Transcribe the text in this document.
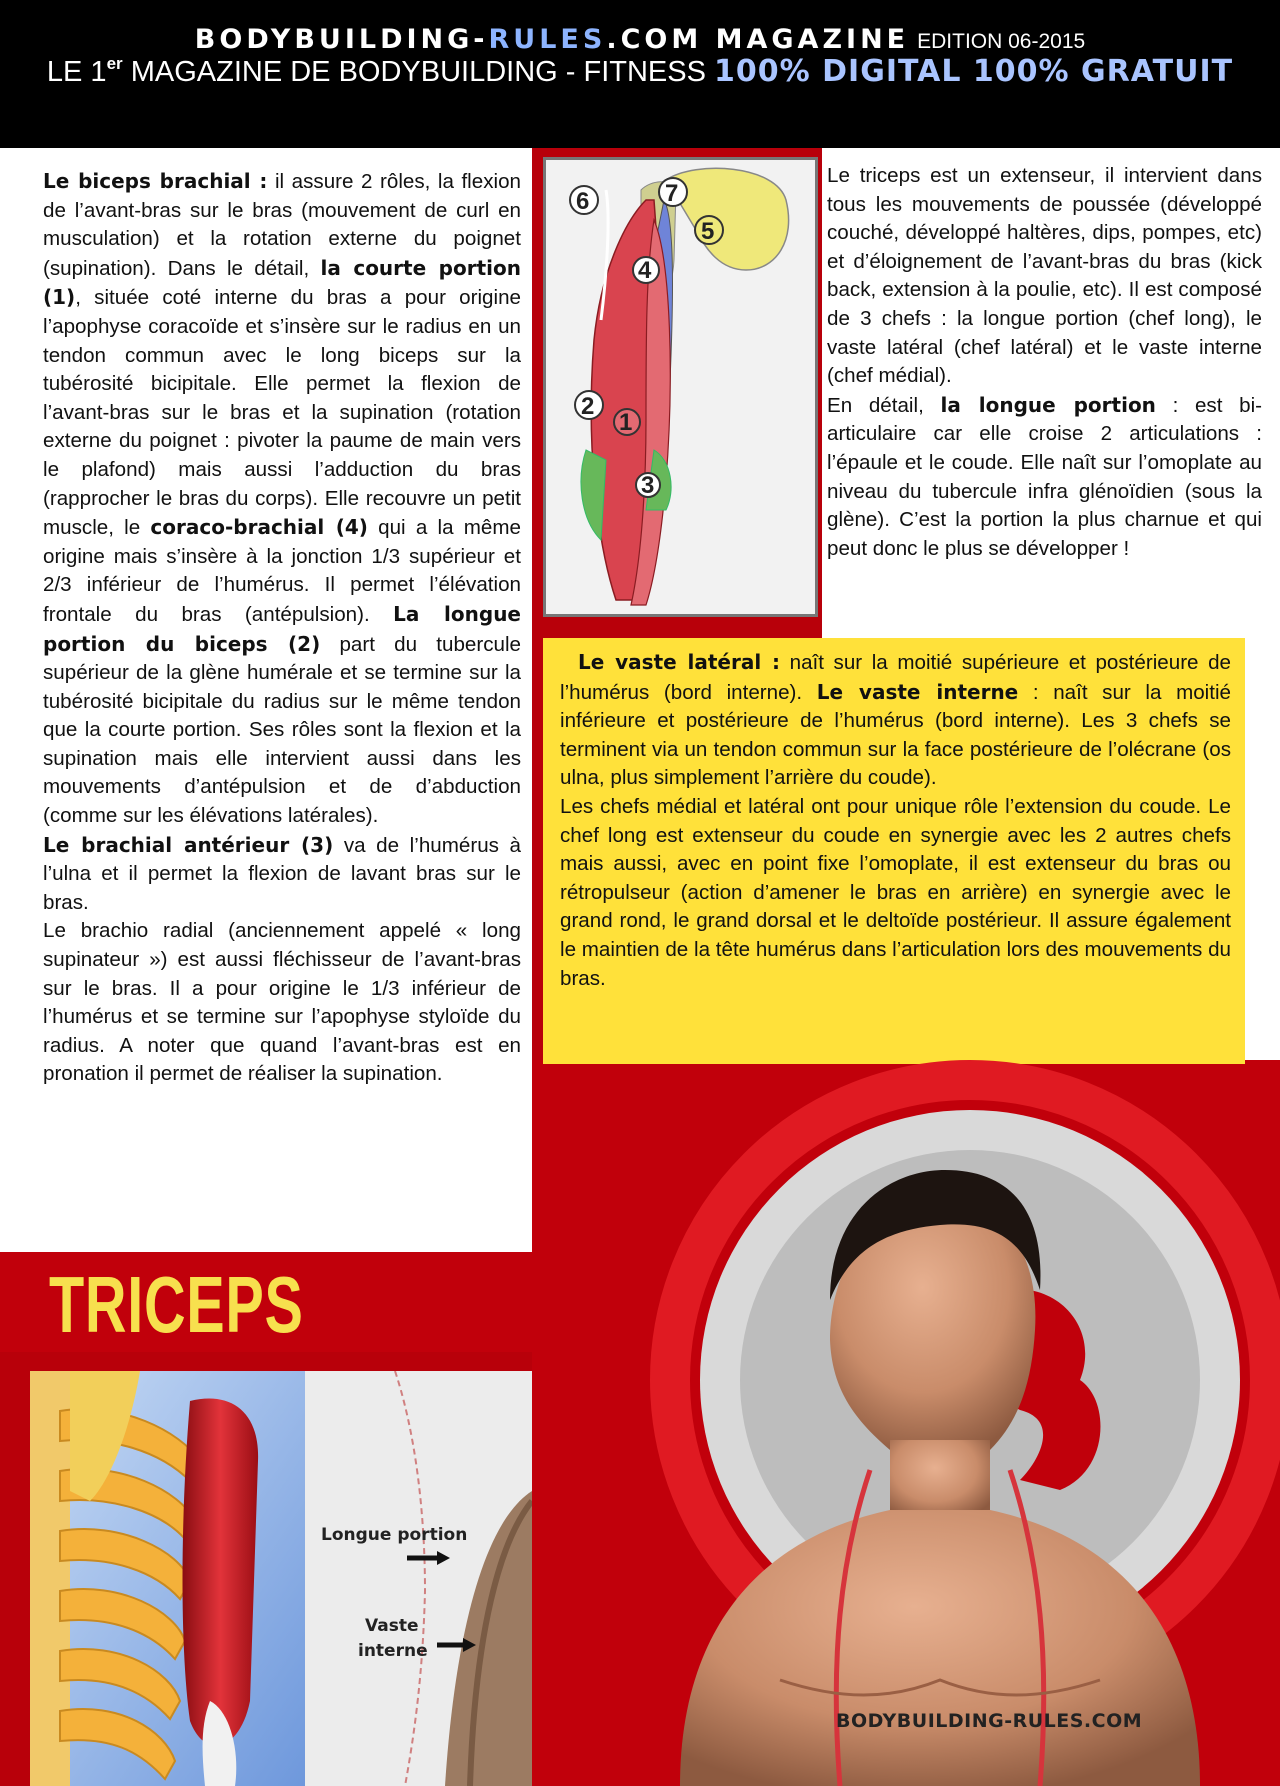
BODYBUILDING-RULES.COM MAGAZINE EDITION 06-2015
LE 1er MAGAZINE DE BODYBUILDING - FITNESS 100% DIGITAL 100% GRATUIT

Le biceps brachial : il assure 2 rôles, la flexion de l’avant-bras sur le bras (mouvement de curl en musculation) et la rotation externe du poignet (supination). Dans le détail, la courte portion (1), située coté interne du bras a pour origine l’apophyse coracoïde et s’insère sur le radius en un tendon commun avec le long biceps sur la tubérosité bicipitale. Elle permet la flexion de l’avant-bras sur le bras et la supination (rotation externe du poignet : pivoter la paume de main vers le plafond) mais aussi l’adduction du bras (rapprocher le bras du corps). Elle recouvre un petit muscle, le coraco-brachial (4) qui a la même origine mais s’insère à la jonction 1/3 supérieur et 2/3 inférieur de l’humérus. Il permet l’élévation frontale du bras (antépulsion). La longue portion du biceps (2) part du tubercule supérieur de la glène humérale et se termine sur la tubérosité bicipitale du radius sur le même tendon que la courte portion. Ses rôles sont la flexion et la supination mais elle intervient aussi dans les mouvements d’antépulsion et de d’abduction (comme sur les élévations latérales).

Le brachial antérieur (3) va de l’humérus à l’ulna et il permet la flexion de lavant bras sur le bras.

Le brachio radial (anciennement appelé « long supinateur ») est aussi fléchisseur de l’avant-bras sur le bras. Il a pour origine le 1/3 inférieur de l’humérus et se termine sur l’apophyse styloïde du radius. A noter que quand l’avant-bras est en pronation il permet de réaliser la supination.

6	7
5
4
2
1
3

Le triceps est un extenseur, il intervient dans tous les mouvements de poussée (développé couché, développé haltères, dips, pompes, etc) et d’éloignement de l’avant-bras du bras (kick back, extension à la poulie, etc). Il est composé de 3 chefs : la longue portion (chef long), le vaste latéral (chef latéral) et le vaste interne (chef médial).

En détail, la longue portion : est bi-articulaire car elle croise 2 articulations : l’épaule et le coude. Elle naît sur l’omoplate au niveau du tubercule infra glénoïdien (sous la glène). C’est la portion la plus charnue et qui peut donc le plus se développer !

Le vaste latéral : naît sur la moitié supérieure et postérieure de l’humérus (bord interne). Le vaste interne : naît sur la moitié inférieure et postérieure de l’humérus (bord interne). Les 3 chefs se terminent via un tendon commun sur la face postérieure de l’olécrane (os ulna, plus simplement l’arrière du coude).

Les chefs médial et latéral ont pour unique rôle l’extension du coude. Le chef long est extenseur du coude en synergie avec les 2 autres chefs mais aussi, avec en point fixe l’omoplate, il est extenseur du bras ou rétropulseur (action d’amener le bras en arrière) en synergie avec le grand rond, le grand dorsal et le deltoïde postérieur. Il assure également le maintien de la tête humérus dans l’articulation lors des mouvements du bras.

TRICEPS
Longue portion
Vaste
interne
BODYBUILDING-RULES.COM
